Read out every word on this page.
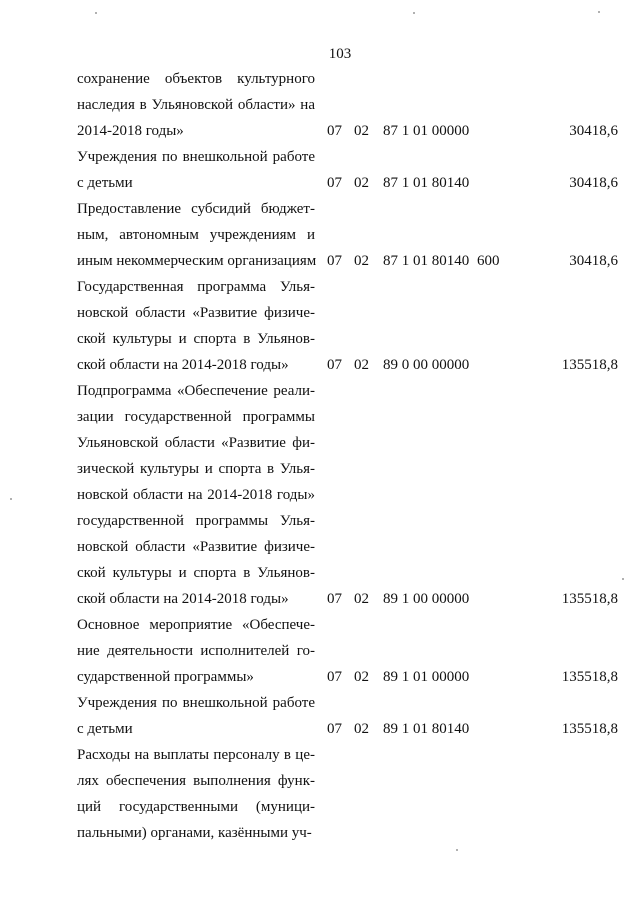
103
сохранение объектов культурного
наследия в Ульяновской области» на
2014-2018 годы»	07 02 87 1 01 00000	30418,6
Учреждения по внешкольной работе
с детьми	07 02 87 1 01 80140	30418,6
Предоставление субсидий бюджет-
ным, автономным учреждениям и
иным некоммерческим организациям 07 02 87 1 01 80140 600	30418,6
Государственная программа Улья-
новской области «Развитие физиче-
ской культуры и спорта в Ульянов-
ской области на 2014-2018 годы»	07 02 89 0 00 00000	135518,8
Подпрограмма «Обеспечение реали-
зации государственной программы
Ульяновской области «Развитие фи-
зической культуры и спорта в Улья-
новской области на 2014-2018 годы»
государственной программы Улья-
новской области «Развитие физиче-
ской культуры и спорта в Ульянов-
ской области на 2014-2018 годы»	07 02 89 1 00 00000	135518,8
Основное мероприятие «Обеспече-
ние деятельности исполнителей го-
сударственной программы»	07 02 89 1 01 00000	135518,8
Учреждения по внешкольной работе
с детьми	07 02 89 1 01 80140	135518,8
Расходы на выплаты персоналу в це-
лях обеспечения выполнения функ-
ций государственными (муници-
пальными) органами, казёнными уч-
